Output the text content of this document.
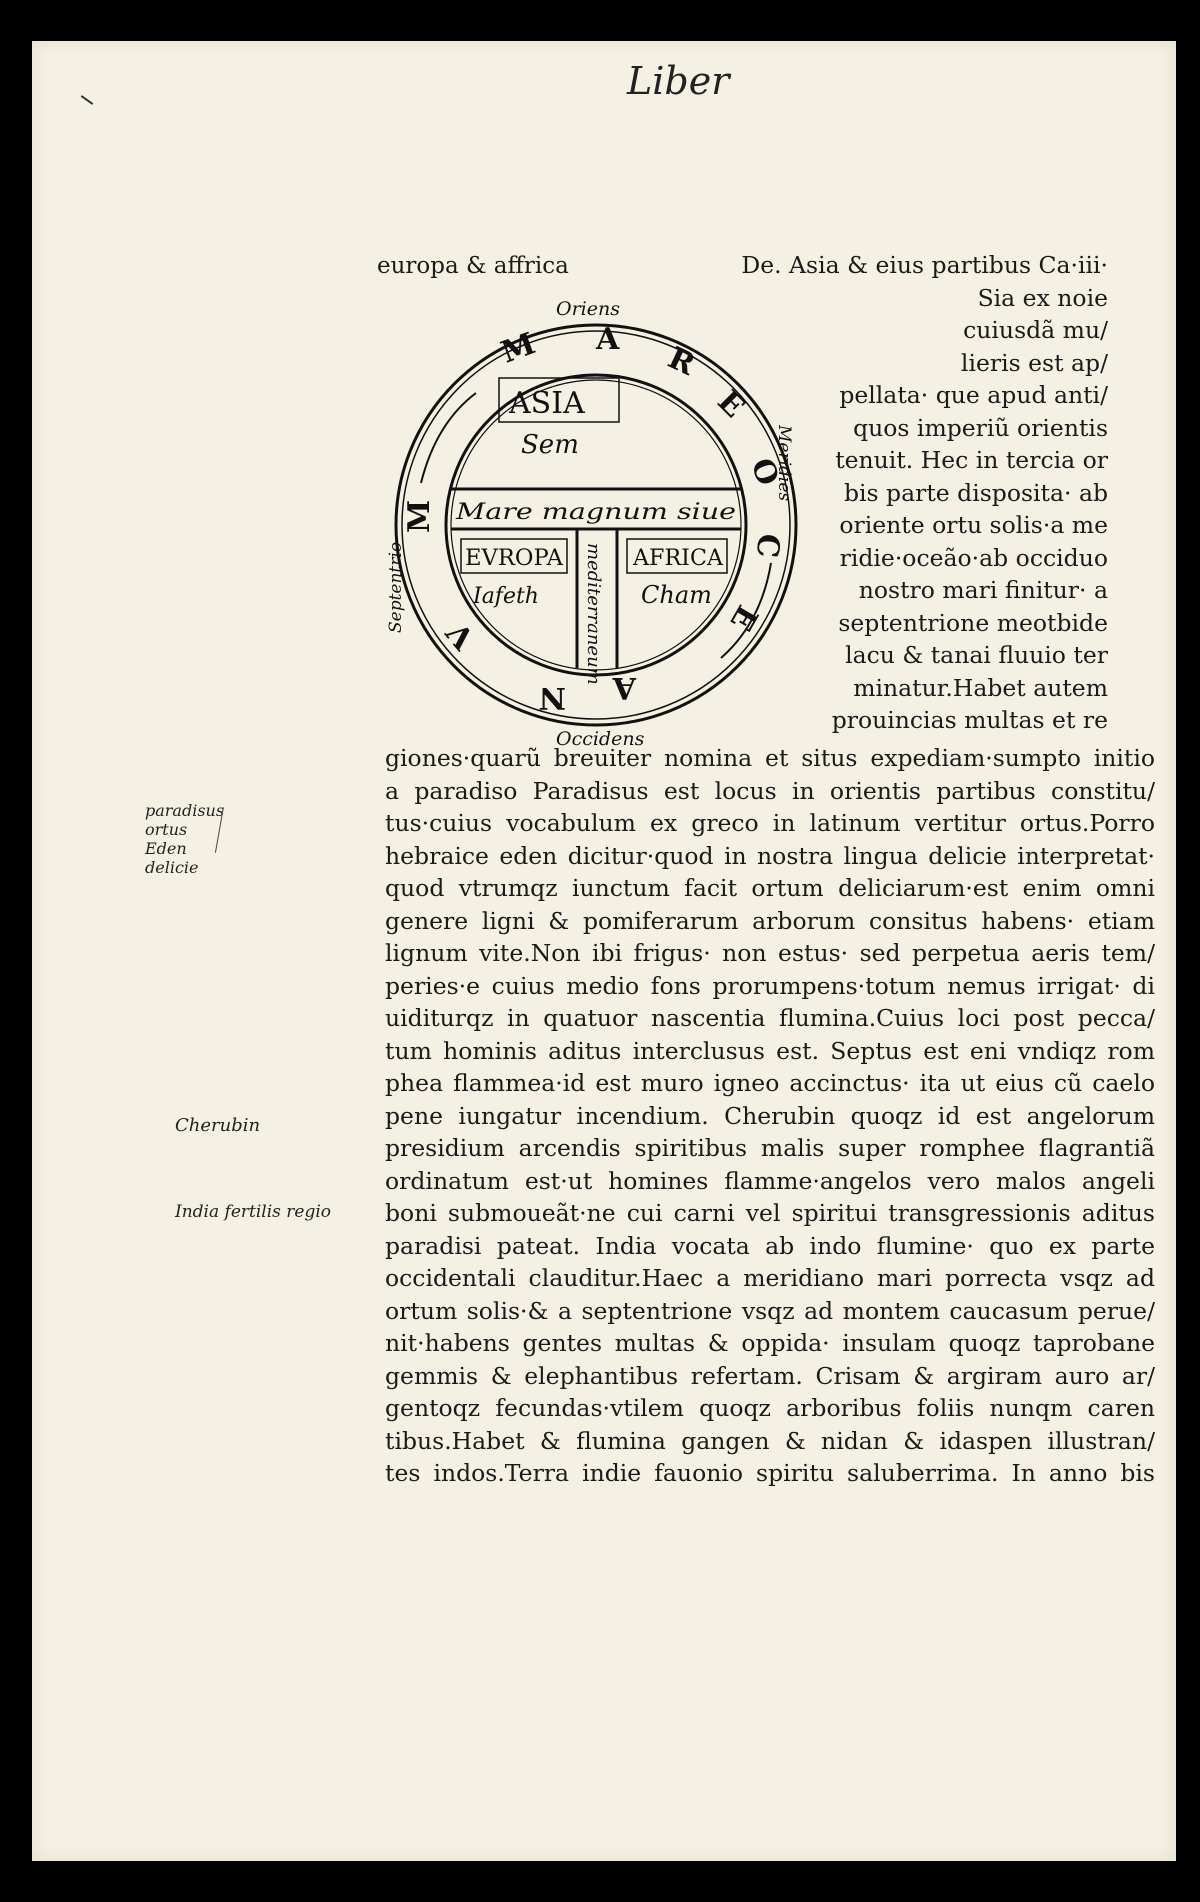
Liber
europa & affrica
Oriens
Occidens
Septentrio
Meridies
M A
R
E
O
C
E
A
N
V
M
ASIA
Sem
Mare magnum siue
mediterraneum
EVROPA
Iafeth
AFRICA
Cham
De. Asia & eius partibus Ca·iii·
Sia ex noie
cuiusdã mu/
lieris est ap/
pellata· que apud anti/
quos imperiũ orientis
tenuit. Hec in tercia or
bis parte disposita· ab
oriente ortu solis·a me
ridie·oceão·ab occiduo
nostro mari finitur· a
septentrione meotbide
lacu & tanai fluuio ter
minatur.Habet autem
prouincias multas et re
giones·quarũ breuiter nomina et situs expediam·sumpto initio
a paradiso Paradisus est locus in orientis partibus constitu/
tus·cuius vocabulum ex greco in latinum vertitur ortus.Porro
hebraice eden dicitur·quod in nostra lingua delicie interpretat·
quod vtrumqz iunctum facit ortum deliciarum·est enim omni
genere ligni & pomiferarum arborum consitus habens· etiam
lignum vite.Non ibi frigus· non estus· sed perpetua aeris tem/
peries·e cuius medio fons prorumpens·totum nemus irrigat· di
uiditurqz in quatuor nascentia flumina.Cuius loci post pecca/
tum hominis aditus interclusus est. Septus est eni vndiqz rom
phea flammea·id est muro igneo accinctus· ita ut eius cũ caelo
pene iungatur incendium. Cherubin quoqz id est angelorum
presidium arcendis spiritibus malis super romphee flagrantiã
ordinatum est·ut homines flamme·angelos vero malos angeli
boni submoueãt·ne cui carni vel spiritui transgressionis aditus
paradisi pateat. India vocata ab indo flumine· quo ex parte
occidentali clauditur.Haec a meridiano mari porrecta vsqz ad
ortum solis·& a septentrione vsqz ad montem caucasum perue/
nit·habens gentes multas & oppida· insulam quoqz taprobane
gemmis & elephantibus refertam. Crisam & argiram auro ar/
gentoqz fecundas·vtilem quoqz arboribus foliis nunqm caren
tibus.Habet & flumina gangen & nidan & idaspen illustran/
tes indos.Terra indie fauonio spiritu saluberrima. In anno bis
paradisus
ortus
Eden
delicie
Cherubin
India fertilis regio
